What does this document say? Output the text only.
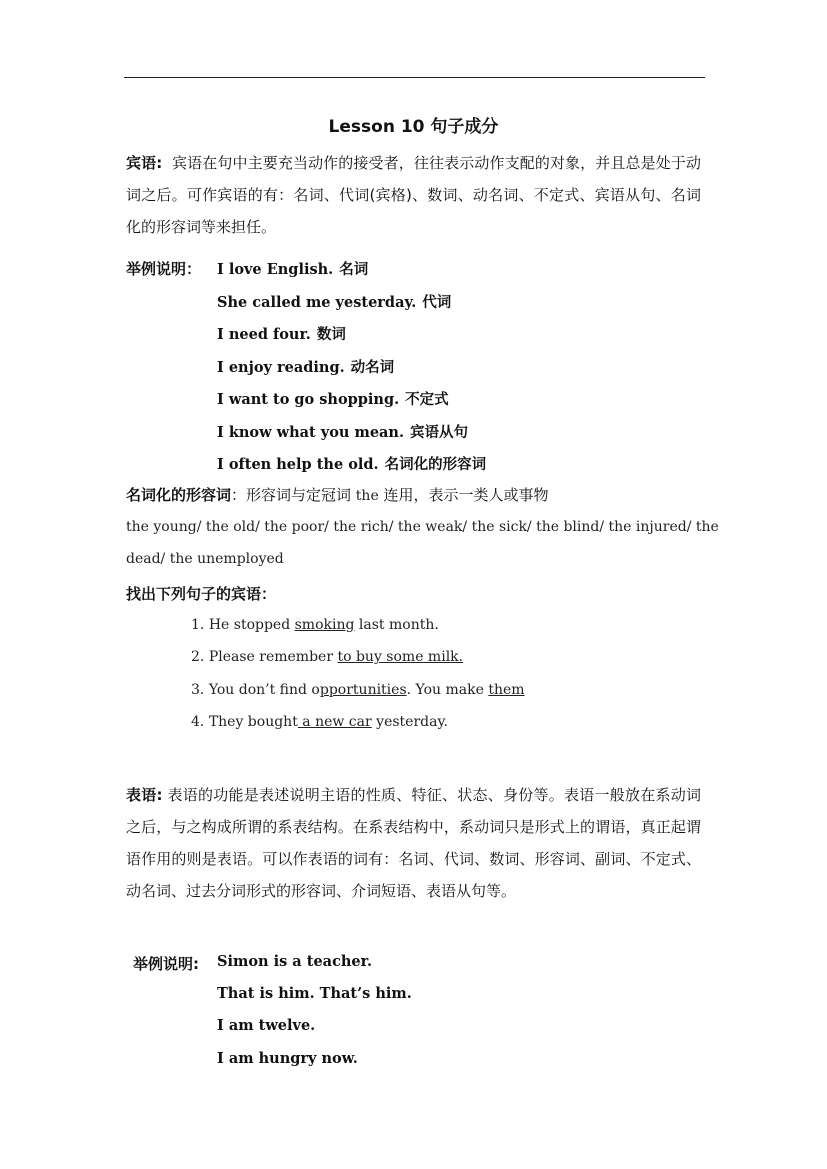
Lesson 10 句子成分
宾语: 宾语在句中主要充当动作的接受者，往往表示动作支配的对象，并且总是处于动词之后。可作宾语的有：名词、代词(宾格)、数词、动名词、不定式、宾语从句、名词化的形容词等来担任。
举例说明： I love English. 名词
She called me yesterday. 代词
I need four. 数词
I enjoy reading. 动名词
I want to go shopping. 不定式
I know what you mean. 宾语从句
I often help the old. 名词化的形容词
名词化的形容词：形容词与定冠词 the 连用，表示一类人或事物
the young/ the old/ the poor/ the rich/ the weak/ the sick/ the blind/ the injured/ the
dead/ the unemployed
找出下列句子的宾语：
1. He stopped smoking last month.
2. Please remember to buy some milk.
3. You don’t find opportunities. You make them
4. They bought a new car yesterday.
表语: 表语的功能是表述说明主语的性质、特征、状态、身份等。表语一般放在系动词之后，与之构成所谓的系表结构。在系表结构中，系动词只是形式上的谓语，真正起谓语作用的则是表语。可以作表语的词有：名词、代词、数词、形容词、副词、不定式、动名词、过去分词形式的形容词、介词短语、表语从句等。
举例说明: Simon is a teacher.
That is him. That’s him.
I am twelve.
I am hungry now.
